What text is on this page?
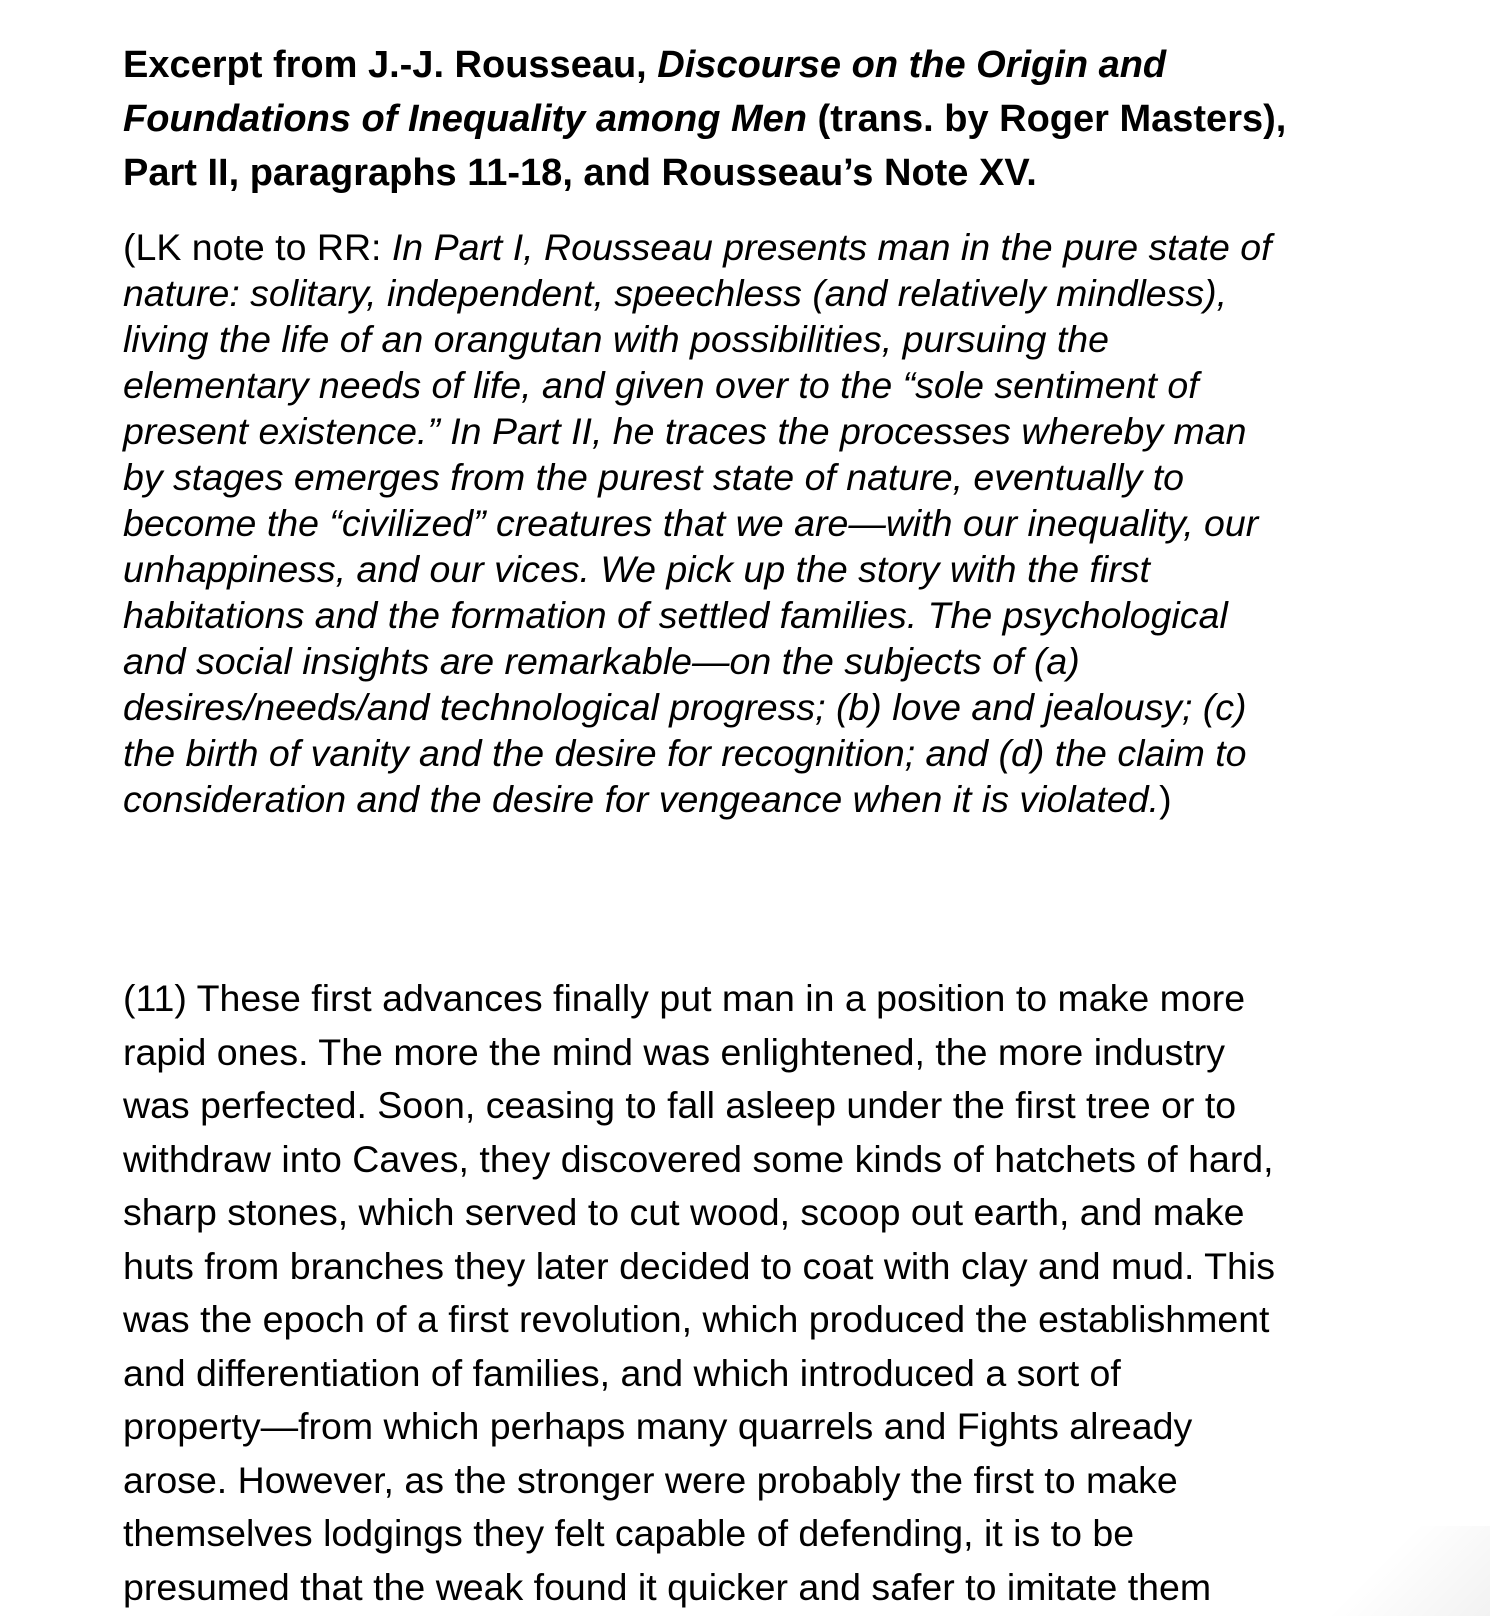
Excerpt from J.-J. Rousseau, Discourse on the Origin and
Foundations of Inequality among Men (trans. by Roger Masters),
Part II, paragraphs 11-18, and Rousseau’s Note XV.

(LK note to RR: In Part I, Rousseau presents man in the pure state of
nature: solitary, independent, speechless (and relatively mindless),
living the life of an orangutan with possibilities, pursuing the
elementary needs of life, and given over to the “sole sentiment of
present existence.” In Part II, he traces the processes whereby man
by stages emerges from the purest state of nature, eventually to
become the “civilized” creatures that we are—with our inequality, our
unhappiness, and our vices. We pick up the story with the first
habitations and the formation of settled families. The psychological
and social insights are remarkable—on the subjects of (a)
desires/needs/and technological progress; (b) love and jealousy; (c)
the birth of vanity and the desire for recognition; and (d) the claim to
consideration and the desire for vengeance when it is violated.)

(11) These first advances finally put man in a position to make more
rapid ones. The more the mind was enlightened, the more industry
was perfected. Soon, ceasing to fall asleep under the first tree or to
withdraw into Caves, they discovered some kinds of hatchets of hard,
sharp stones, which served to cut wood, scoop out earth, and make
huts from branches they later decided to coat with clay and mud. This
was the epoch of a first revolution, which produced the establishment
and differentiation of families, and which introduced a sort of
property—from which perhaps many quarrels and Fights already
arose. However, as the stronger were probably the first to make
themselves lodgings they felt capable of defending, it is to be
presumed that the weak found it quicker and safer to imitate them
